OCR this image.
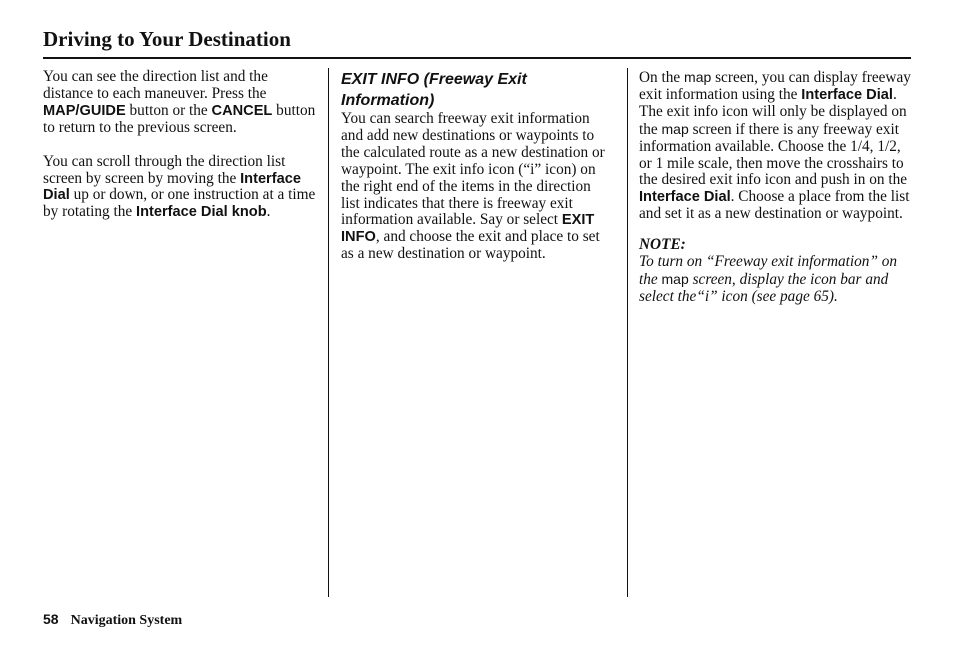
Driving to Your Destination

You can see the direction list and the distance to each maneuver. Press the MAP/GUIDE button or the CANCEL button to return to the previous screen.

You can scroll through the direction list screen by screen by moving the Interface Dial up or down, or one instruction at a time by rotating the Interface Dial knob.

EXIT INFO (Freeway Exit Information)

You can search freeway exit information and add new destinations or waypoints to the calculated route as a new destination or waypoint. The exit info icon (“i” icon) on the right end of the items in the direction list indicates that there is freeway exit information available. Say or select EXIT INFO, and choose the exit and place to set as a new destination or waypoint.

On the map screen, you can display freeway exit information using the Interface Dial. The exit info icon will only be displayed on the map screen if there is any freeway exit information available. Choose the 1/4, 1/2, or 1 mile scale, then move the crosshairs to the desired exit info icon and push in on the Interface Dial. Choose a place from the list and set it as a new destination or waypoint.

NOTE:

To turn on “Freeway exit information” on the map screen, display the icon bar and select the“i” icon (see page 65).

58 Navigation System
